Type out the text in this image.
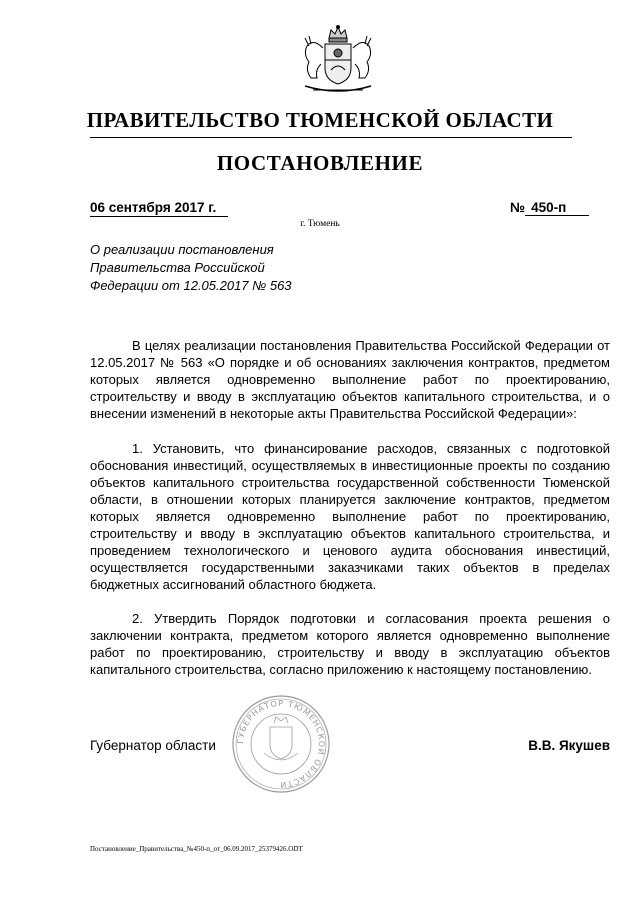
ПРАВИТЕЛЬСТВО ТЮМЕНСКОЙ ОБЛАСТИ
ПОСТАНОВЛЕНИЕ
06 сентября 2017 г.	№ 450-п
г. Тюмень
О реализации постановления
Правительства Российской
Федерации от 12.05.2017 № 563

В целях реализации постановления Правительства Российской Федерации от 12.05.2017 № 563 «О порядке и об основаниях заключения контрактов, предметом которых является одновременно выполнение работ по проектированию, строительству и вводу в эксплуатацию объектов капитального строительства, и о внесении изменений в некоторые акты Правительства Российской Федерации»:

1. Установить, что финансирование расходов, связанных с подготовкой обоснования инвестиций, осуществляемых в инвестиционные проекты по созданию объектов капитального строительства государственной собственности Тюменской области, в отношении которых планируется заключение контрактов, предметом которых является одновременно выполнение работ по проектированию, строительству и вводу в эксплуатацию объектов капитального строительства, и проведением технологического и ценового аудита обоснования инвестиций, осуществляется государственными заказчиками таких объектов в пределах бюджетных ассигнований областного бюджета.

2. Утвердить Порядок подготовки и согласования проекта решения о заключении контракта, предметом которого является одновременно выполнение работ по проектированию, строительству и вводу в эксплуатацию объектов капитального строительства, согласно приложению к настоящему постановлению.

ГУБЕРНАТОР ТЮМЕНСКОЙ ОБЛАСТИ
Губернатор области	В.В. Якушев
Постановление_Правительства_№450-п_от_06.09.2017_25379426.ODT
